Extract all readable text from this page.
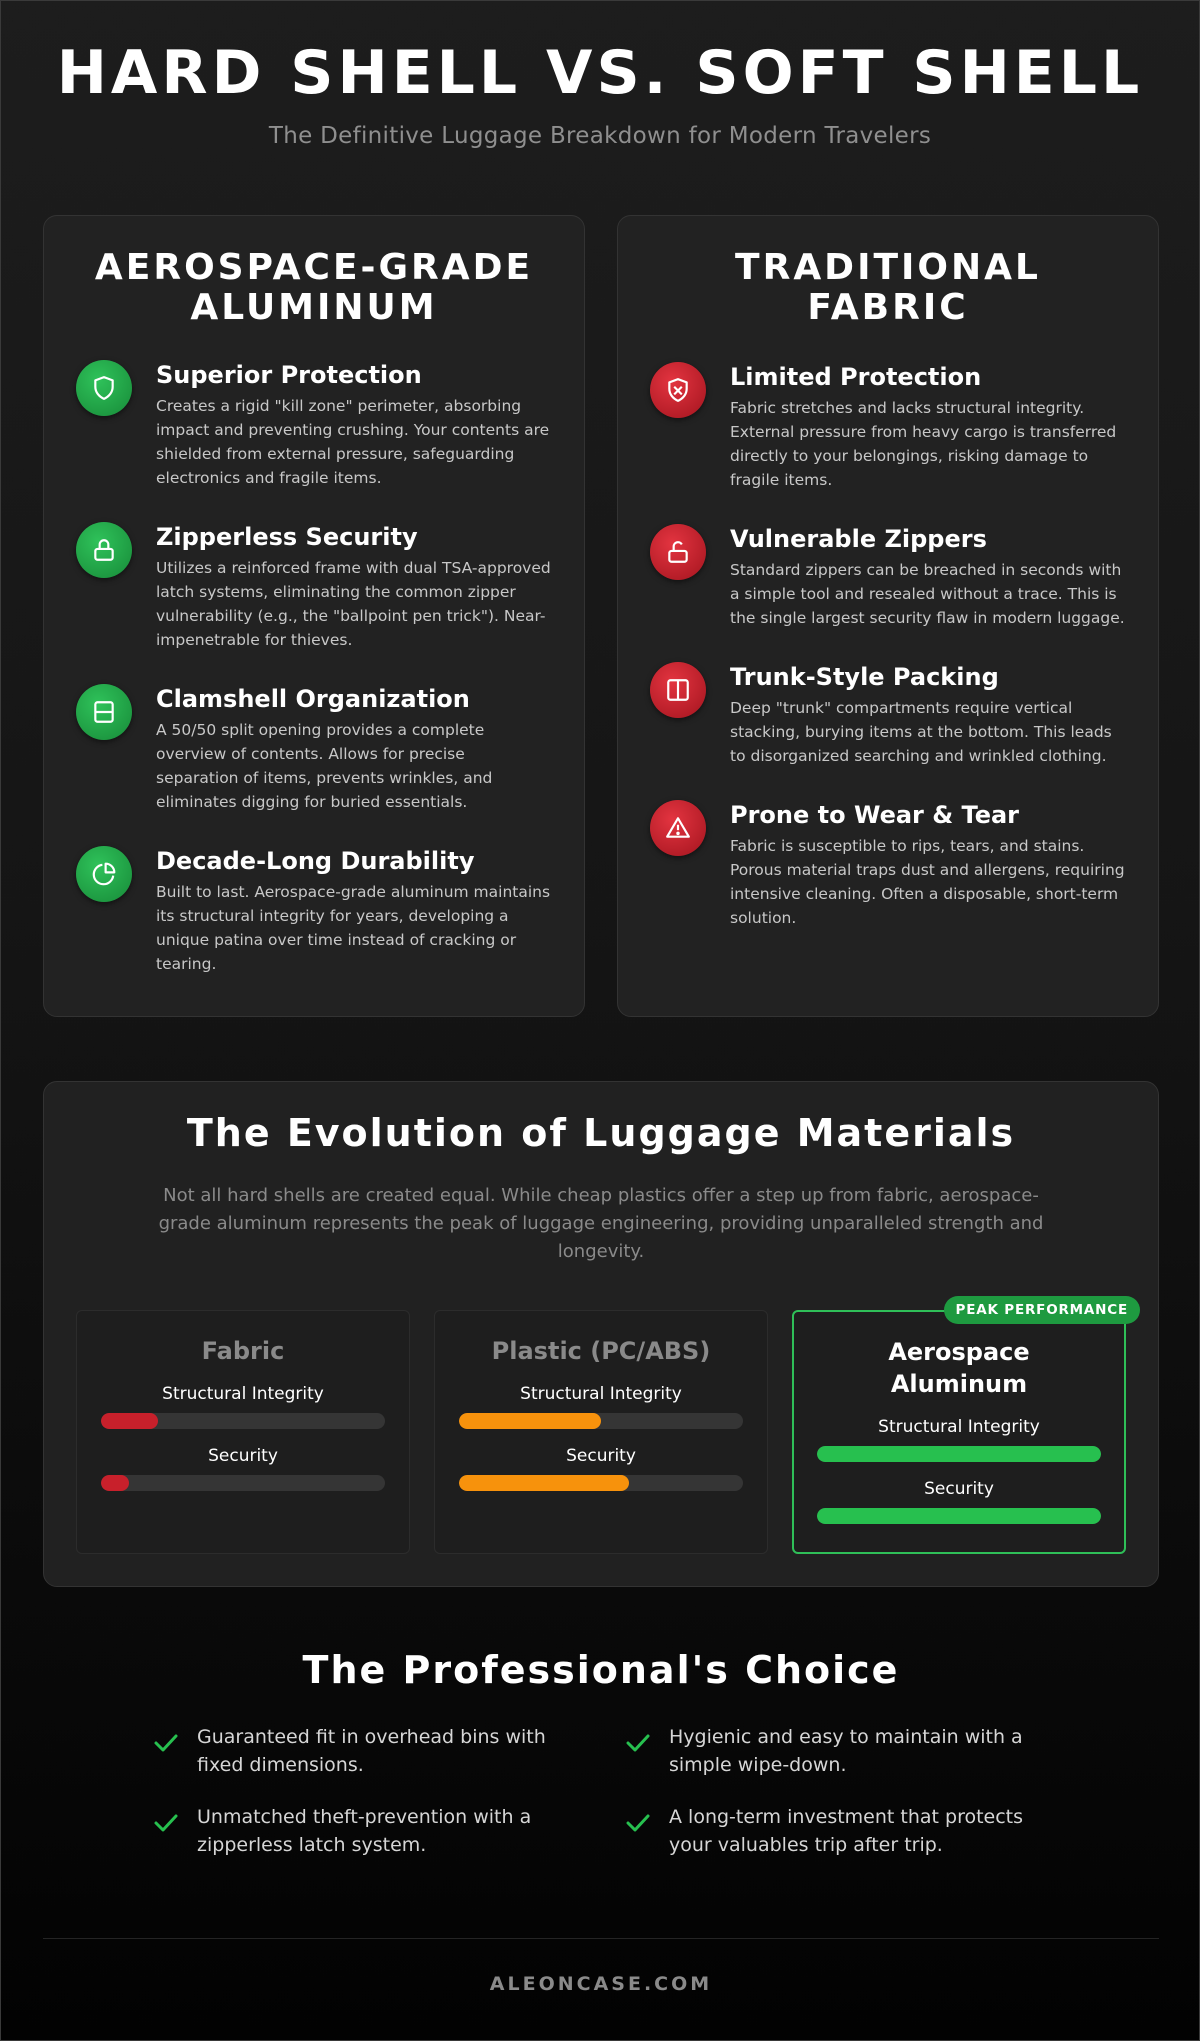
HARD SHELL VS. SOFT SHELL
The Definitive Luggage Breakdown for Modern Travelers
AEROSPACE-GRADE ALUMINUM
Superior Protection
Creates a rigid "kill zone" perimeter, absorbing impact and preventing crushing. Your contents are shielded from external pressure, safeguarding electronics and fragile items.
Zipperless Security
Utilizes a reinforced frame with dual TSA-approved latch systems, eliminating the common zipper vulnerability (e.g., the "ballpoint pen trick"). Near-impenetrable for thieves.
Clamshell Organization
A 50/50 split opening provides a complete overview of contents. Allows for precise separation of items, prevents wrinkles, and eliminates digging for buried essentials.
Decade-Long Durability
Built to last. Aerospace-grade aluminum maintains its structural integrity for years, developing a unique patina over time instead of cracking or tearing.
TRADITIONAL FABRIC
Limited Protection
Fabric stretches and lacks structural integrity. External pressure from heavy cargo is transferred directly to your belongings, risking damage to fragile items.
Vulnerable Zippers
Standard zippers can be breached in seconds with a simple tool and resealed without a trace. This is the single largest security flaw in modern luggage.
Trunk-Style Packing
Deep "trunk" compartments require vertical stacking, burying items at the bottom. This leads to disorganized searching and wrinkled clothing.
Prone to Wear & Tear
Fabric is susceptible to rips, tears, and stains. Porous material traps dust and allergens, requiring intensive cleaning. Often a disposable, short-term solution.
The Evolution of Luggage Materials

Not all hard shells are created equal. While cheap plastics offer a step up from fabric, aerospace-grade aluminum represents the peak of luggage engineering, providing unparalleled strength and longevity.

Fabric
Structural Integrity
Security
Plastic (PC/ABS)
Structural Integrity
Security
PEAK PERFORMANCE
Aerospace Aluminum
Structural Integrity
Security
The Professional's Choice
Guaranteed fit in overhead bins with fixed dimensions.
Hygienic and easy to maintain with a simple wipe-down.
Unmatched theft-prevention with a zipperless latch system.
A long-term investment that protects your valuables trip after trip.
ALEONCASE.COM
